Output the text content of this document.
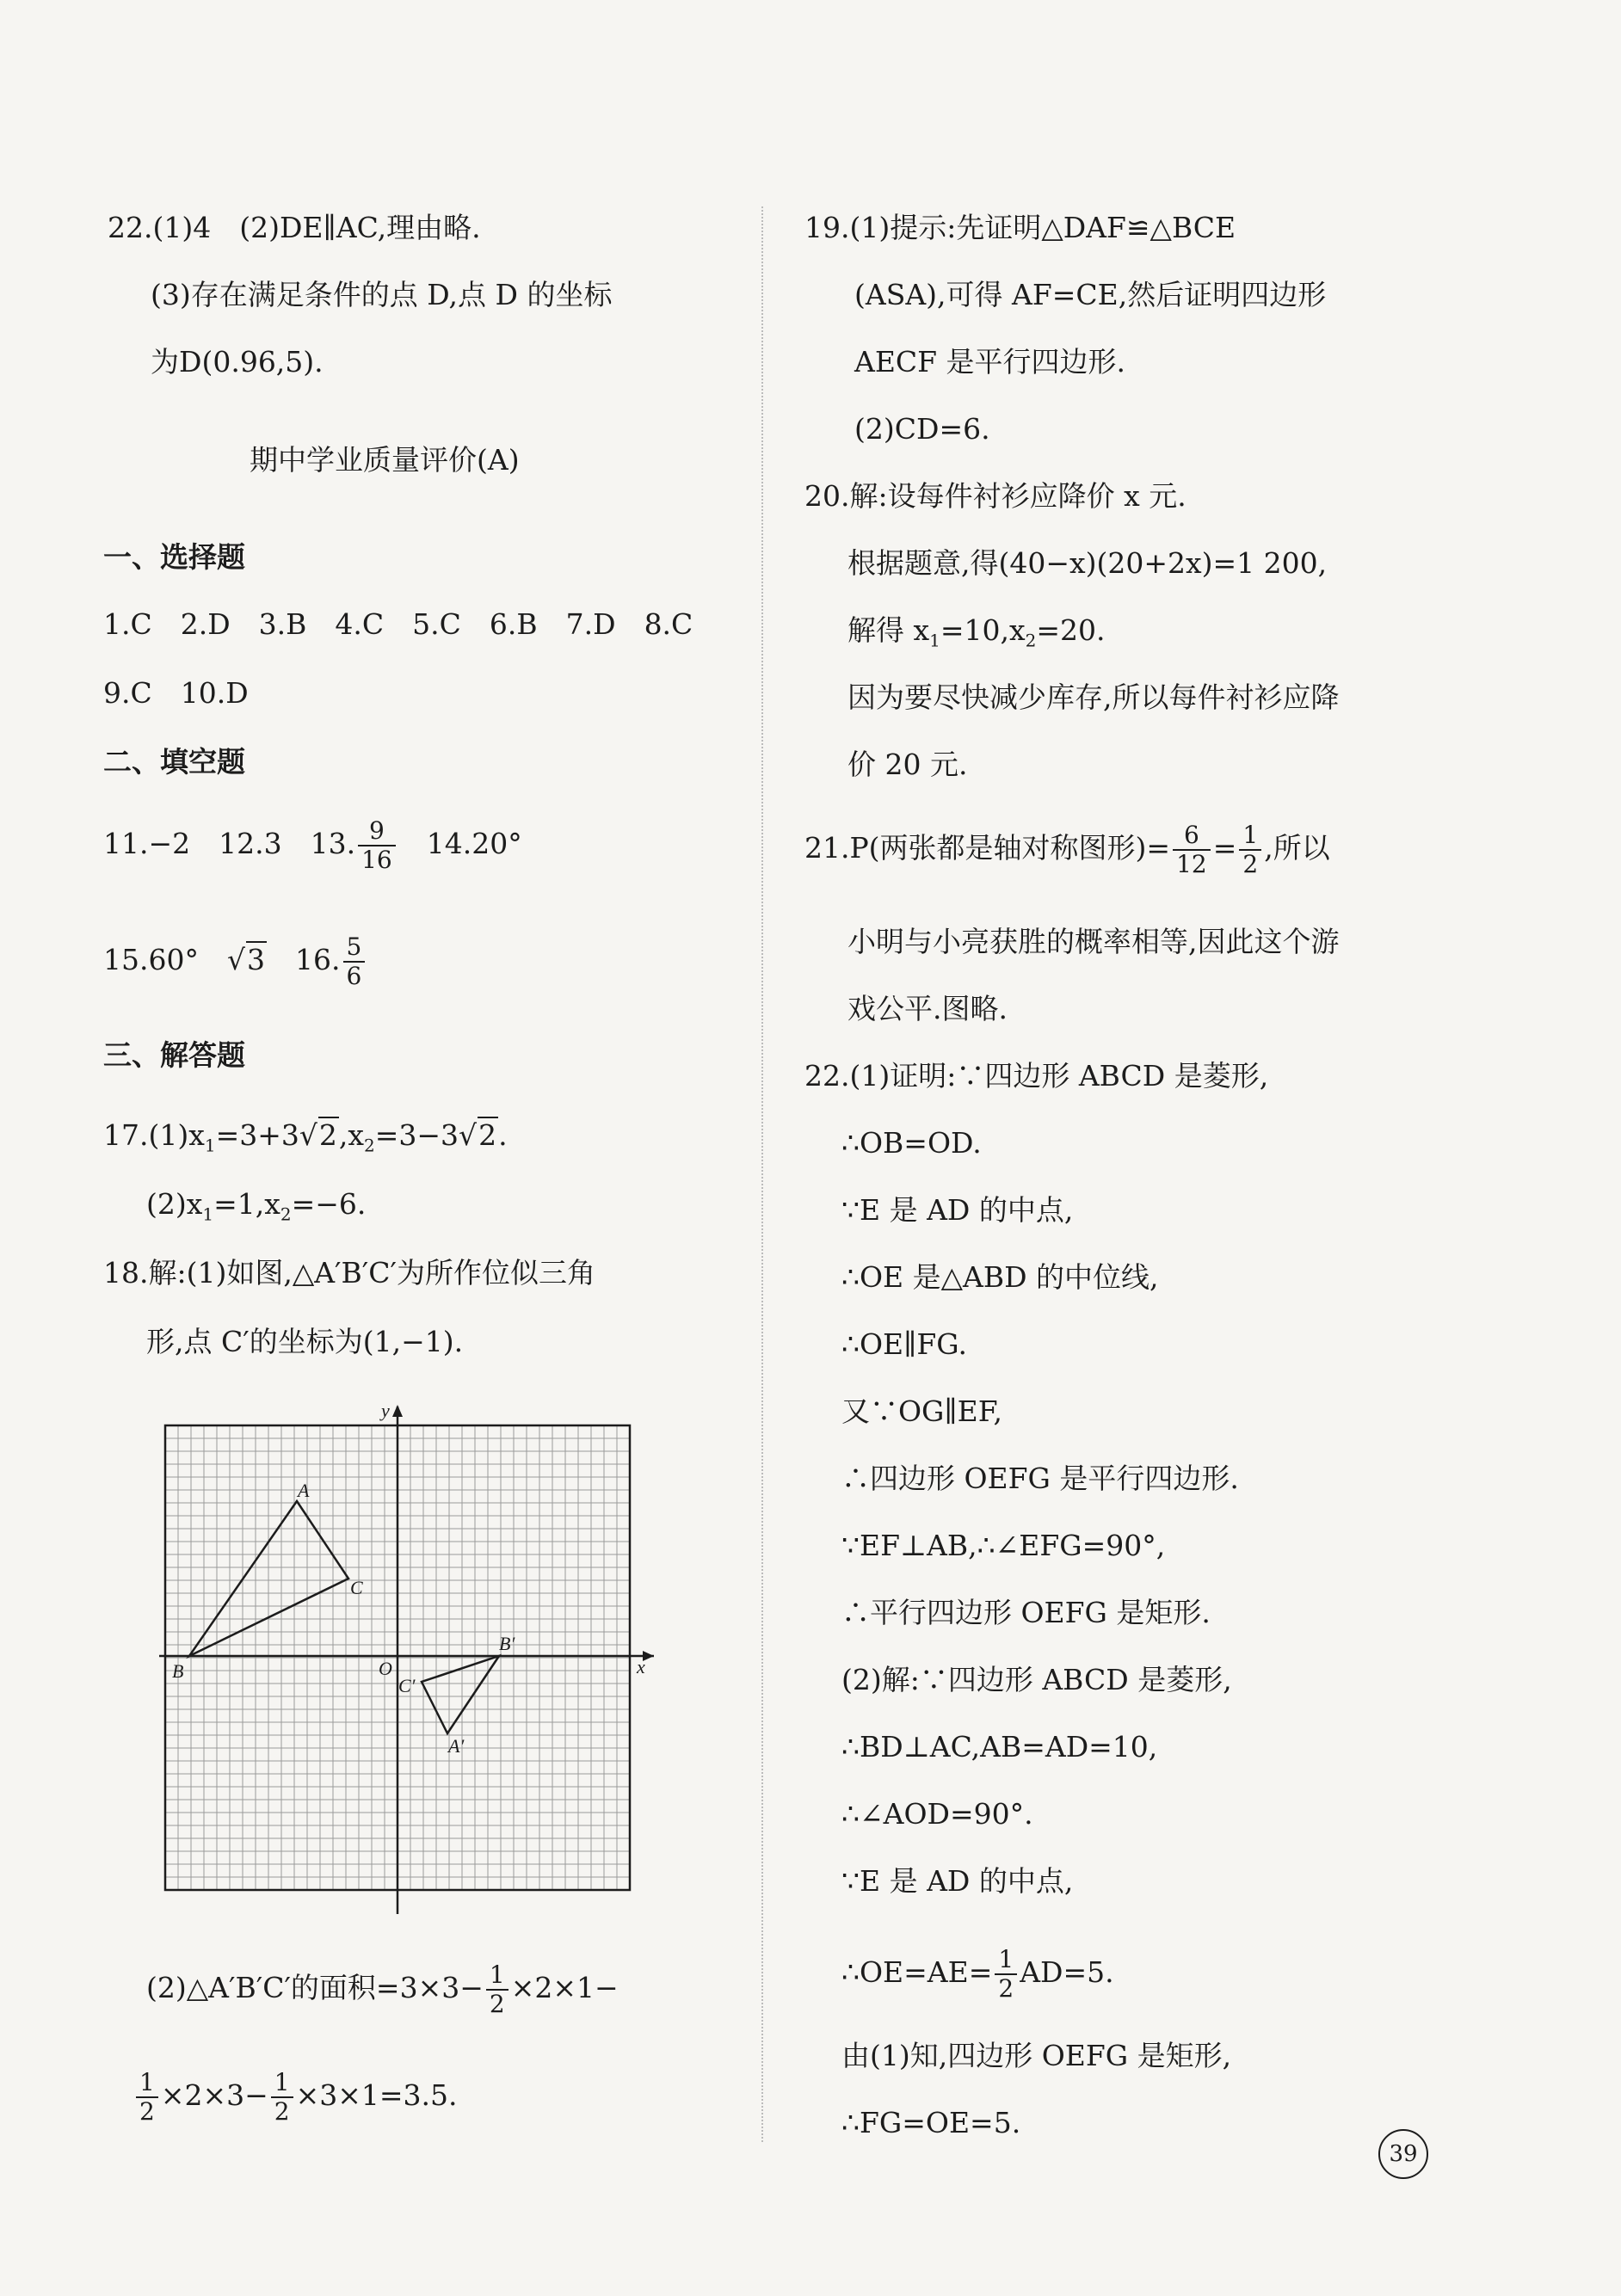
22.(1)4　(2)DE∥AC,理由略.
(3)存在满足条件的点 D,点 D 的坐标
为D(0.96,5).
期中学业质量评价(A)
一、选择题
1.C　2.D　3.B　4.C　5.C　6.B　7.D　8.C
9.C　10.D
二、填空题
11.−2　 12.3　 13. $\frac{9}{16}$
　 14.20°
15.60°　√3　 16. $\frac{5}{6}$
三、解答题
$17.(1)x_1=3+3√2,x_2=3-3√2$.
$(2)x_1=1,x_2=-6$.
18.解:(1)如图,△A′B′C′为所作位似三角
形,点 C′的坐标为(1,−1).
y
x
O
A
B
C
A′
B′
C′
(2)△A′B′C′的面积$=3\times 3- \frac{1}{2} \times 2\times 1-$
$\frac{1}{2} \times 2\times 3- \frac{1}{2} \times 3\times 1=3.5$.
19.(1)提示:先证明△DAF≌△BCE
(ASA),可得 AF=CE,然后证明四边形
AECF 是平行四边形.
(2)CD=6.
20.解:设每件衬衫应降价 x 元.
根据题意,得(40−x)(20+2x)=1 200,
解得 $x_1=10,x_2=20$.
因为要尽快减少库存,所以每件衬衫应降
价 20 元.
21.P(两张都是轴对称图形)= $\frac{6}{12} = \frac{1}{2}$ ,所以
小明与小亮获胜的概率相等,因此这个游
戏公平.图略.
22.(1)证明:∵四边形 ABCD 是菱形,
∴OB=OD.
∵E 是 AD 的中点,
∴OE 是△ABD 的中位线,
∴OE∥FG.
又∵OG∥EF,
∴四边形 OEFG 是平行四边形.
∵EF⊥AB,∴∠EFG=90°,
∴平行四边形 OEFG 是矩形.
(2)解:∵四边形 ABCD 是菱形,
∴BD⊥AC,AB=AD=10,
∴∠AOD=90°.
∵E 是 AD 的中点,
∴OE=AE= $\frac{1}{2} AD=5$.
由(1)知,四边形 OEFG 是矩形,
∴FG=OE=5.
39
